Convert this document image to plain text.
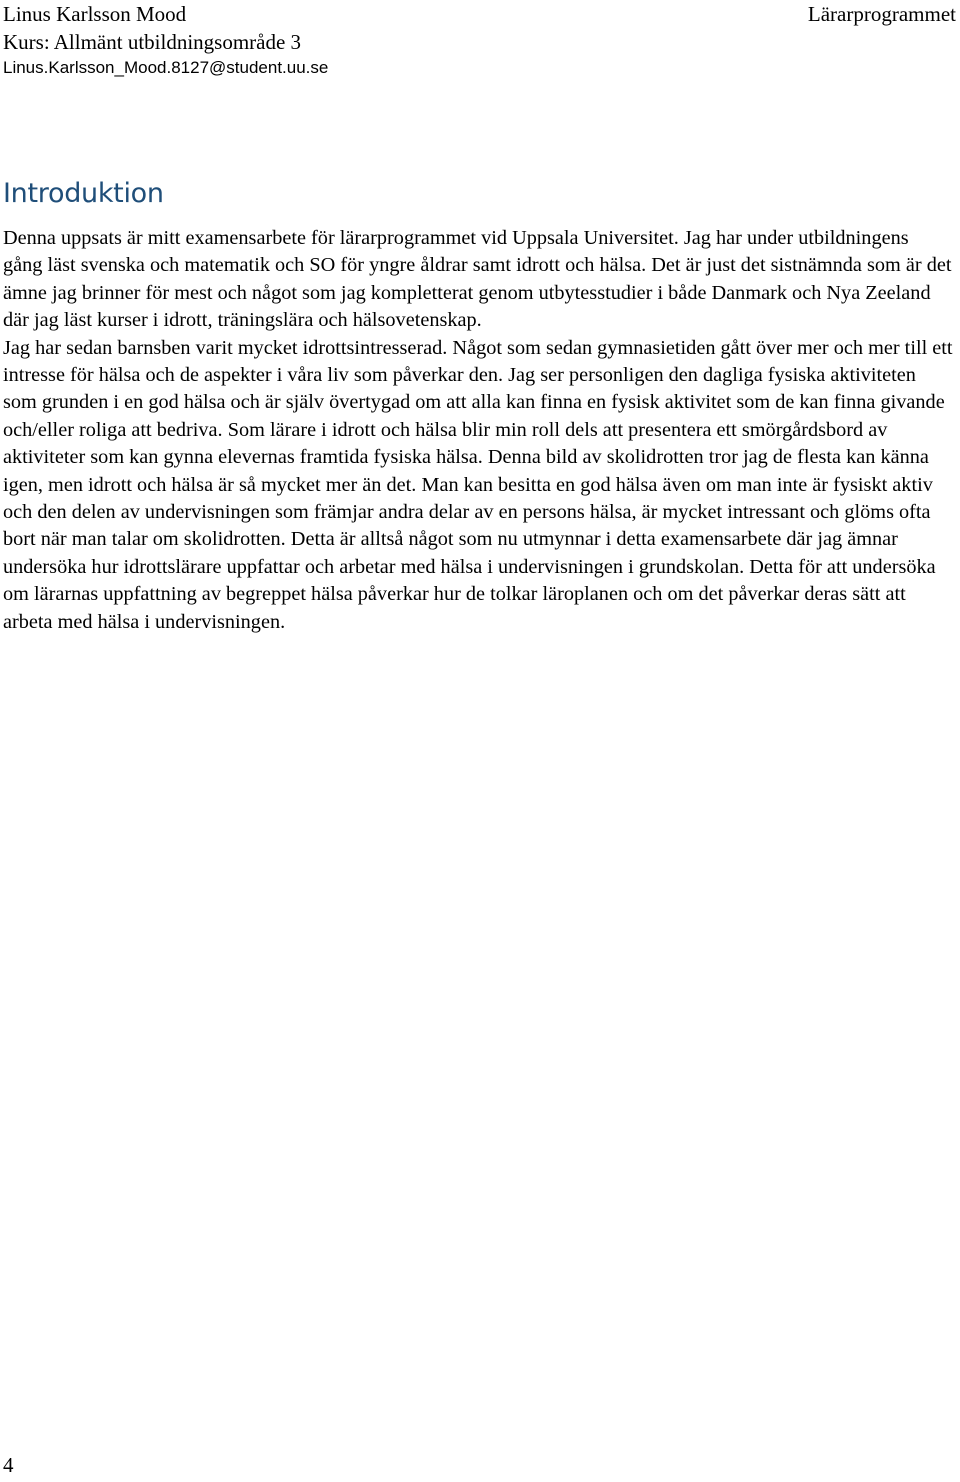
Linus Karlsson Mood
Kurs: Allmänt utbildningsområde 3
Linus.Karlsson_Mood.8127@student.uu.se
Lärarprogrammet
Introduktion

Denna uppsats är mitt examensarbete för lärarprogrammet vid Uppsala Universitet. Jag har under utbildningens gång läst svenska och matematik och SO för yngre åldrar samt idrott och hälsa. Det är just det sistnämnda som är det ämne jag brinner för mest och något som jag kompletterat genom utbytesstudier i både Danmark och Nya Zeeland där jag läst kurser i idrott, träningslära och hälsovetenskap.

Jag har sedan barnsben varit mycket idrottsintresserad. Något som sedan gymnasietiden gått över mer och mer till ett intresse för hälsa och de aspekter i våra liv som påverkar den. Jag ser personligen den dagliga fysiska aktiviteten som grunden i en god hälsa och är själv övertygad om att alla kan finna en fysisk aktivitet som de kan finna givande och/eller roliga att bedriva. Som lärare i idrott och hälsa blir min roll dels att presentera ett smörgårdsbord av aktiviteter som kan gynna elevernas framtida fysiska hälsa. Denna bild av skolidrotten tror jag de flesta kan känna igen, men idrott och hälsa är så mycket mer än det. Man kan besitta en god hälsa även om man inte är fysiskt aktiv och den delen av undervisningen som främjar andra delar av en persons hälsa, är mycket intressant och glöms ofta bort när man talar om skolidrotten. Detta är alltså något som nu utmynnar i detta examensarbete där jag ämnar undersöka hur idrottslärare uppfattar och arbetar med hälsa i undervisningen i grundskolan. Detta för att undersöka om lärarnas uppfattning av begreppet hälsa påverkar hur de tolkar läroplanen och om det påverkar deras sätt att arbeta med hälsa i undervisningen.

4
